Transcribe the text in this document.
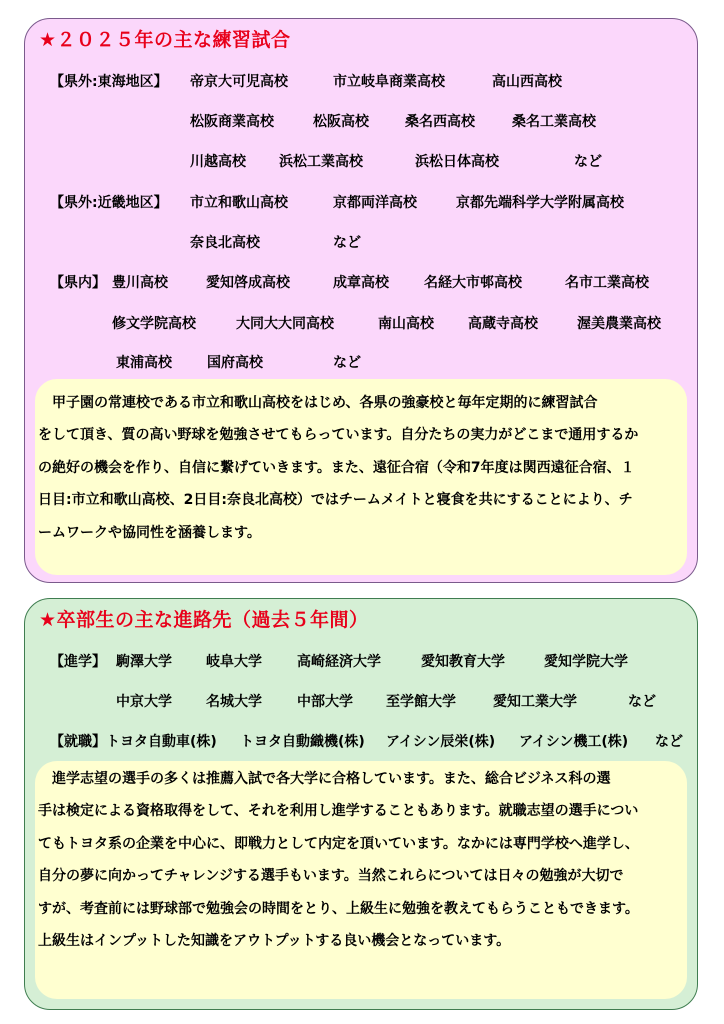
★２０２５年の主な練習試合
【県外:東海地区】 帝京大可児高校	市立岐阜商業高校	高山西高校
松阪商業高校	松阪高校	桑名西高校	桑名工業高校
川越高校 浜松工業高校	浜松日体高校	など
【県外:近畿地区】 市立和歌山高校	京都両洋高校	京都先端科学大学附属高校
奈良北高校	など
【県内】 豊川高校	愛知啓成高校	成章高校	名経大市邨高校	名市工業高校
修文学院高校	大同大大同高校	南山高校 高蔵寺高校	渥美農業高校
東浦高校	国府高校	など

　甲子園の常連校である市立和歌山高校をはじめ、各県の強豪校と毎年定期的に練習試合

をして頂き、質の高い野球を勉強させてもらっています。自分たちの実力がどこまで通用するか

の絶好の機会を作り、自信に繋げていきます。また、遠征合宿（令和7年度は関西遠征合宿、１

日目:市立和歌山高校、2日目:奈良北高校）ではチームメイトと寝食を共にすることにより、チ

ームワークや協同性を涵養します。

★卒部生の主な進路先（過去５年間）
【進学】 駒澤大学 岐阜大学	高崎経済大学	愛知教育大学	愛知学院大学
中京大学 名城大学	中部大学 至学館大学	愛知工業大学	など
【就職】 トヨタ自動車(株) トヨタ自動織機(株) アイシン辰栄(株) アイシン機工(株) など

　進学志望の選手の多くは推薦入試で各大学に合格しています。また、総合ビジネス科の選

手は検定による資格取得をして、それを利用し進学することもあります。就職志望の選手につい

てもトヨタ系の企業を中心に、即戦力として内定を頂いています。なかには専門学校へ進学し、

自分の夢に向かってチャレンジする選手もいます。当然これらについては日々の勉強が大切で

すが、考査前には野球部で勉強会の時間をとり、上級生に勉強を教えてもらうこともできます。

上級生はインプットした知識をアウトプットする良い機会となっています。
